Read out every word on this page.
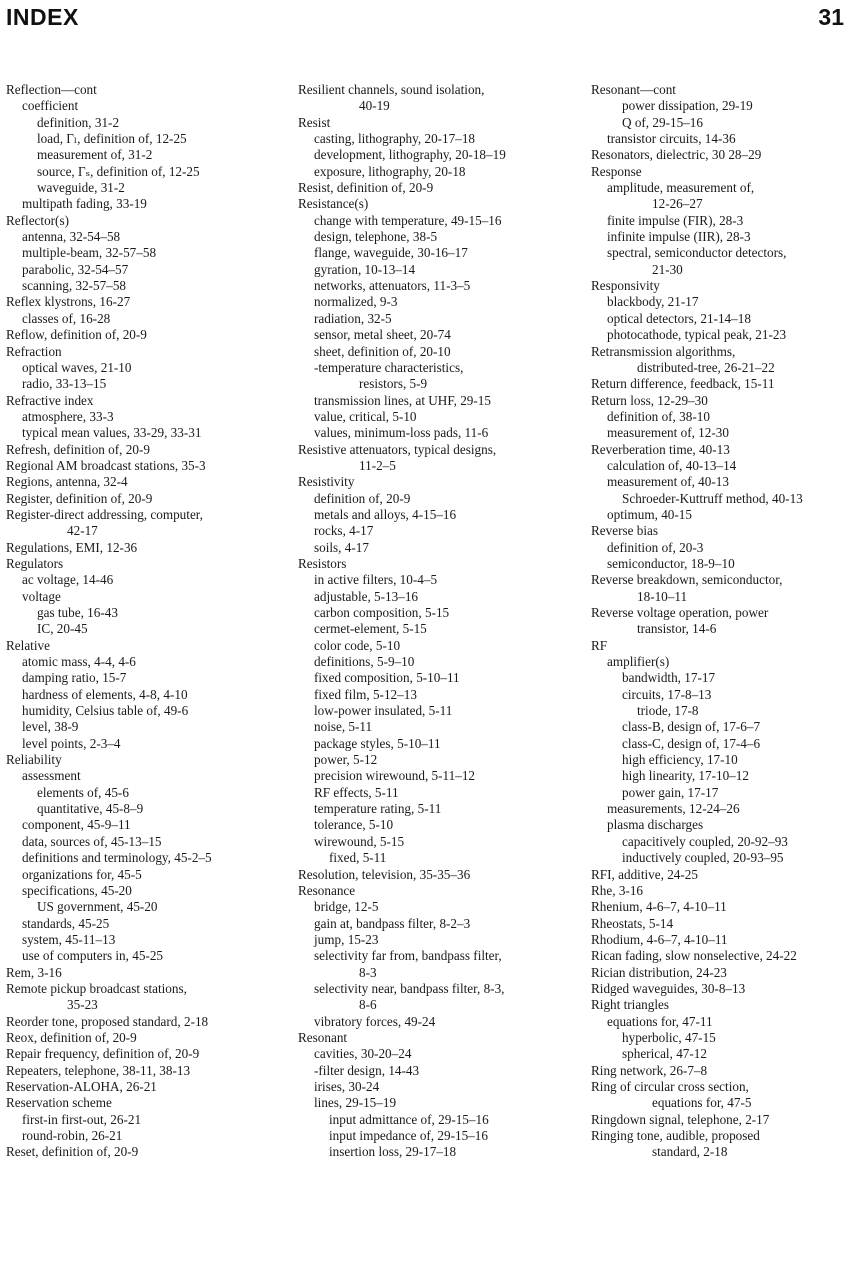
INDEX	31
Reflection—cont
coefficient
definition, 31-2
load, Γₗ, definition of, 12-25
measurement of, 31-2
source, Γₛ, definition of, 12-25
waveguide, 31-2
multipath fading, 33-19
Reflector(s)
antenna, 32-54–58
multiple-beam, 32-57–58
parabolic, 32-54–57
scanning, 32-57–58
Reflex klystrons, 16-27
classes of, 16-28
Reflow, definition of, 20-9
Refraction
optical waves, 21-10
radio, 33-13–15
Refractive index
atmosphere, 33-3
typical mean values, 33-29, 33-31
Refresh, definition of, 20-9
Regional AM broadcast stations, 35-3
Regions, antenna, 32-4
Register, definition of, 20-9
Register-direct addressing, computer,
42-17
Regulations, EMI, 12-36
Regulators
ac voltage, 14-46
voltage
gas tube, 16-43
IC, 20-45
Relative
atomic mass, 4-4, 4-6
damping ratio, 15-7
hardness of elements, 4-8, 4-10
humidity, Celsius table of, 49-6
level, 38-9
level points, 2-3–4
Reliability
assessment
elements of, 45-6
quantitative, 45-8–9
component, 45-9–11
data, sources of, 45-13–15
definitions and terminology, 45-2–5
organizations for, 45-5
specifications, 45-20
US government, 45-20
standards, 45-25
system, 45-11–13
use of computers in, 45-25
Rem, 3-16
Remote pickup broadcast stations,
35-23
Reorder tone, proposed standard, 2-18
Reox, definition of, 20-9
Repair frequency, definition of, 20-9
Repeaters, telephone, 38-11, 38-13
Reservation-ALOHA, 26-21
Reservation scheme
first-in first-out, 26-21
round-robin, 26-21
Reset, definition of, 20-9
Resilient channels, sound isolation,
40-19
Resist
casting, lithography, 20-17–18
development, lithography, 20-18–19
exposure, lithography, 20-18
Resist, definition of, 20-9
Resistance(s)
change with temperature, 49-15–16
design, telephone, 38-5
flange, waveguide, 30-16–17
gyration, 10-13–14
networks, attenuators, 11-3–5
normalized, 9-3
radiation, 32-5
sensor, metal sheet, 20-74
sheet, definition of, 20-10
-temperature characteristics,
resistors, 5-9
transmission lines, at UHF, 29-15
value, critical, 5-10
values, minimum-loss pads, 11-6
Resistive attenuators, typical designs,
11-2–5
Resistivity
definition of, 20-9
metals and alloys, 4-15–16
rocks, 4-17
soils, 4-17
Resistors
in active filters, 10-4–5
adjustable, 5-13–16
carbon composition, 5-15
cermet-element, 5-15
color code, 5-10
definitions, 5-9–10
fixed composition, 5-10–11
fixed film, 5-12–13
low-power insulated, 5-11
noise, 5-11
package styles, 5-10–11
power, 5-12
precision wirewound, 5-11–12
RF effects, 5-11
temperature rating, 5-11
tolerance, 5-10
wirewound, 5-15
fixed, 5-11
Resolution, television, 35-35–36
Resonance
bridge, 12-5
gain at, bandpass filter, 8-2–3
jump, 15-23
selectivity far from, bandpass filter,
8-3
selectivity near, bandpass filter, 8-3,
8-6
vibratory forces, 49-24
Resonant
cavities, 30-20–24
-filter design, 14-43
irises, 30-24
lines, 29-15–19
input admittance of, 29-15–16
input impedance of, 29-15–16
insertion loss, 29-17–18
Resonant—cont
power dissipation, 29-19
Q of, 29-15–16
transistor circuits, 14-36
Resonators, dielectric, 30 28–29
Response
amplitude, measurement of,
12-26–27
finite impulse (FIR), 28-3
infinite impulse (IIR), 28-3
spectral, semiconductor detectors,
21-30
Responsivity
blackbody, 21-17
optical detectors, 21-14–18
photocathode, typical peak, 21-23
Retransmission algorithms,
distributed-tree, 26-21–22
Return difference, feedback, 15-11
Return loss, 12-29–30
definition of, 38-10
measurement of, 12-30
Reverberation time, 40-13
calculation of, 40-13–14
measurement of, 40-13
Schroeder-Kuttruff method, 40-13
optimum, 40-15
Reverse bias
definition of, 20-3
semiconductor, 18-9–10
Reverse breakdown, semiconductor,
18-10–11
Reverse voltage operation, power
transistor, 14-6
RF
amplifier(s)
bandwidth, 17-17
circuits, 17-8–13
triode, 17-8
class-B, design of, 17-6–7
class-C, design of, 17-4–6
high efficiency, 17-10
high linearity, 17-10–12
power gain, 17-17
measurements, 12-24–26
plasma discharges
capacitively coupled, 20-92–93
inductively coupled, 20-93–95
RFI, additive, 24-25
Rhe, 3-16
Rhenium, 4-6–7, 4-10–11
Rheostats, 5-14
Rhodium, 4-6–7, 4-10–11
Rican fading, slow nonselective, 24-22
Rician distribution, 24-23
Ridged waveguides, 30-8–13
Right triangles
equations for, 47-11
hyperbolic, 47-15
spherical, 47-12
Ring network, 26-7–8
Ring of circular cross section,
equations for, 47-5
Ringdown signal, telephone, 2-17
Ringing tone, audible, proposed
standard, 2-18
